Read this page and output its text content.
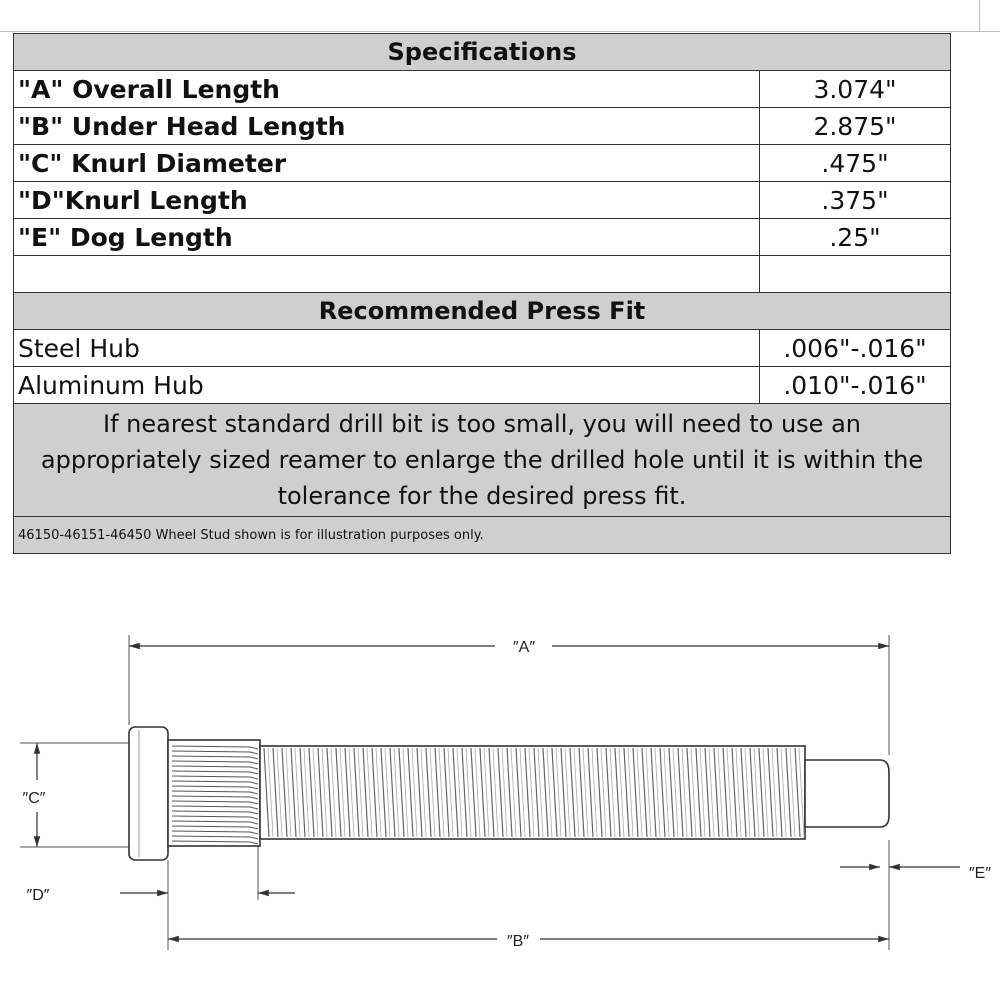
Specifications	
"A" Overall Length	3.074"
"B" Under Head Length	2.875"
"C" Knurl Diameter	.475"
"D"Knurl Length	.375"
"E" Dog Length	.25"

Recommended Press Fit	
Steel Hub	.006"-.016"
Aluminum Hub	.010"-.016"
If nearest standard drill bit is too small, you will need to use an appropriately sized reamer to enlarge the drilled hole until it is within the tolerance for the desired press fit.	
46150-46151-46450 Wheel Stud shown is for illustration purposes only.	
″A″
″B″
″C″
″D″
″E″
